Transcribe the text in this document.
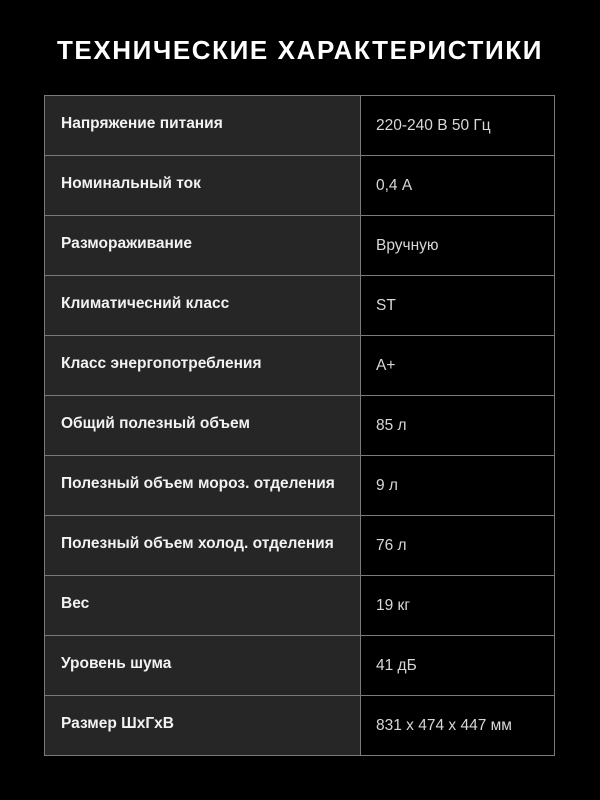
ТЕХНИЧЕСКИЕ ХАРАКТЕРИСТИКИ
Напряжение питания	220-240 В 50 Гц
Номинальный ток	0,4 А
Размораживание	Вручную
Климатичесний класс	ST
Класс энергопотребления	А+
Общий полезный объем	85 л
Полезный объем мороз. отделения	9 л
Полезный объем холод. отделения	76 л
Вес	19 кг
Уровень шума	41 дБ
Размер ШхГхВ	831 х 474 х 447 мм
